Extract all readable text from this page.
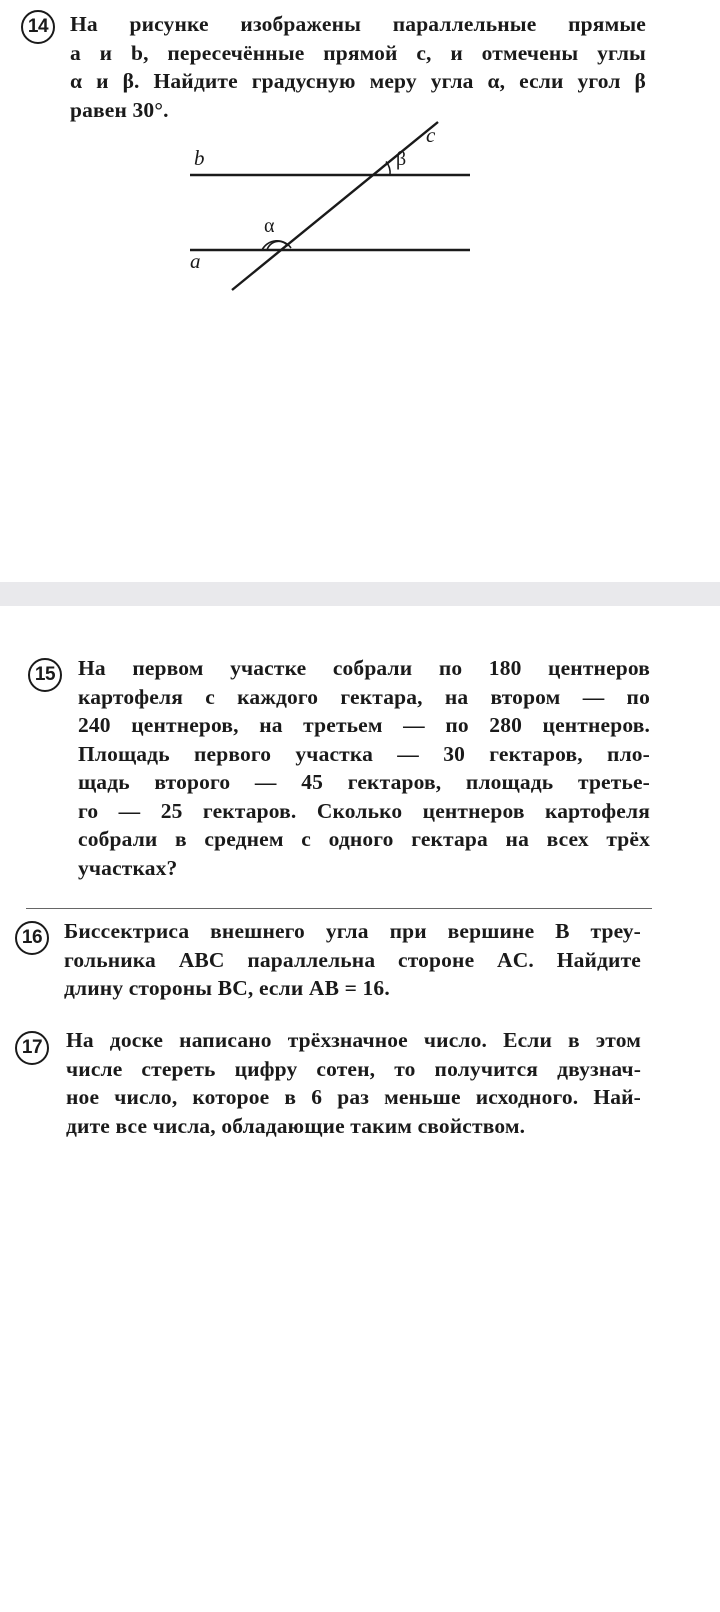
14	На рисунке изображены параллельные прямые
a и b, пересечённые прямой c, и отмечены углы
α и β. Найдите градусную меру угла α, если угол β
равен 30°.
b
a
c
α
β
15	На первом участке собрали по 180 центнеров
картофеля с каждого гектара, на втором — по
240 центнеров, на третьем — по 280 центнеров.
Площадь первого участка — 30 гектаров, пло-
щадь второго — 45 гектаров, площадь третье-
го — 25 гектаров. Сколько центнеров картофеля
собрали в среднем с одного гектара на всех трёх
участках?
16	Биссектриса внешнего угла при вершине B треу-
гольника ABC параллельна стороне AC. Найдите
длину стороны BC, если AB = 16.
17	На доске написано трёхзначное число. Если в этом
числе стереть цифру сотен, то получится двузнач-
ное число, которое в 6 раз меньше исходного. Най-
дите все числа, обладающие таким свойством.
